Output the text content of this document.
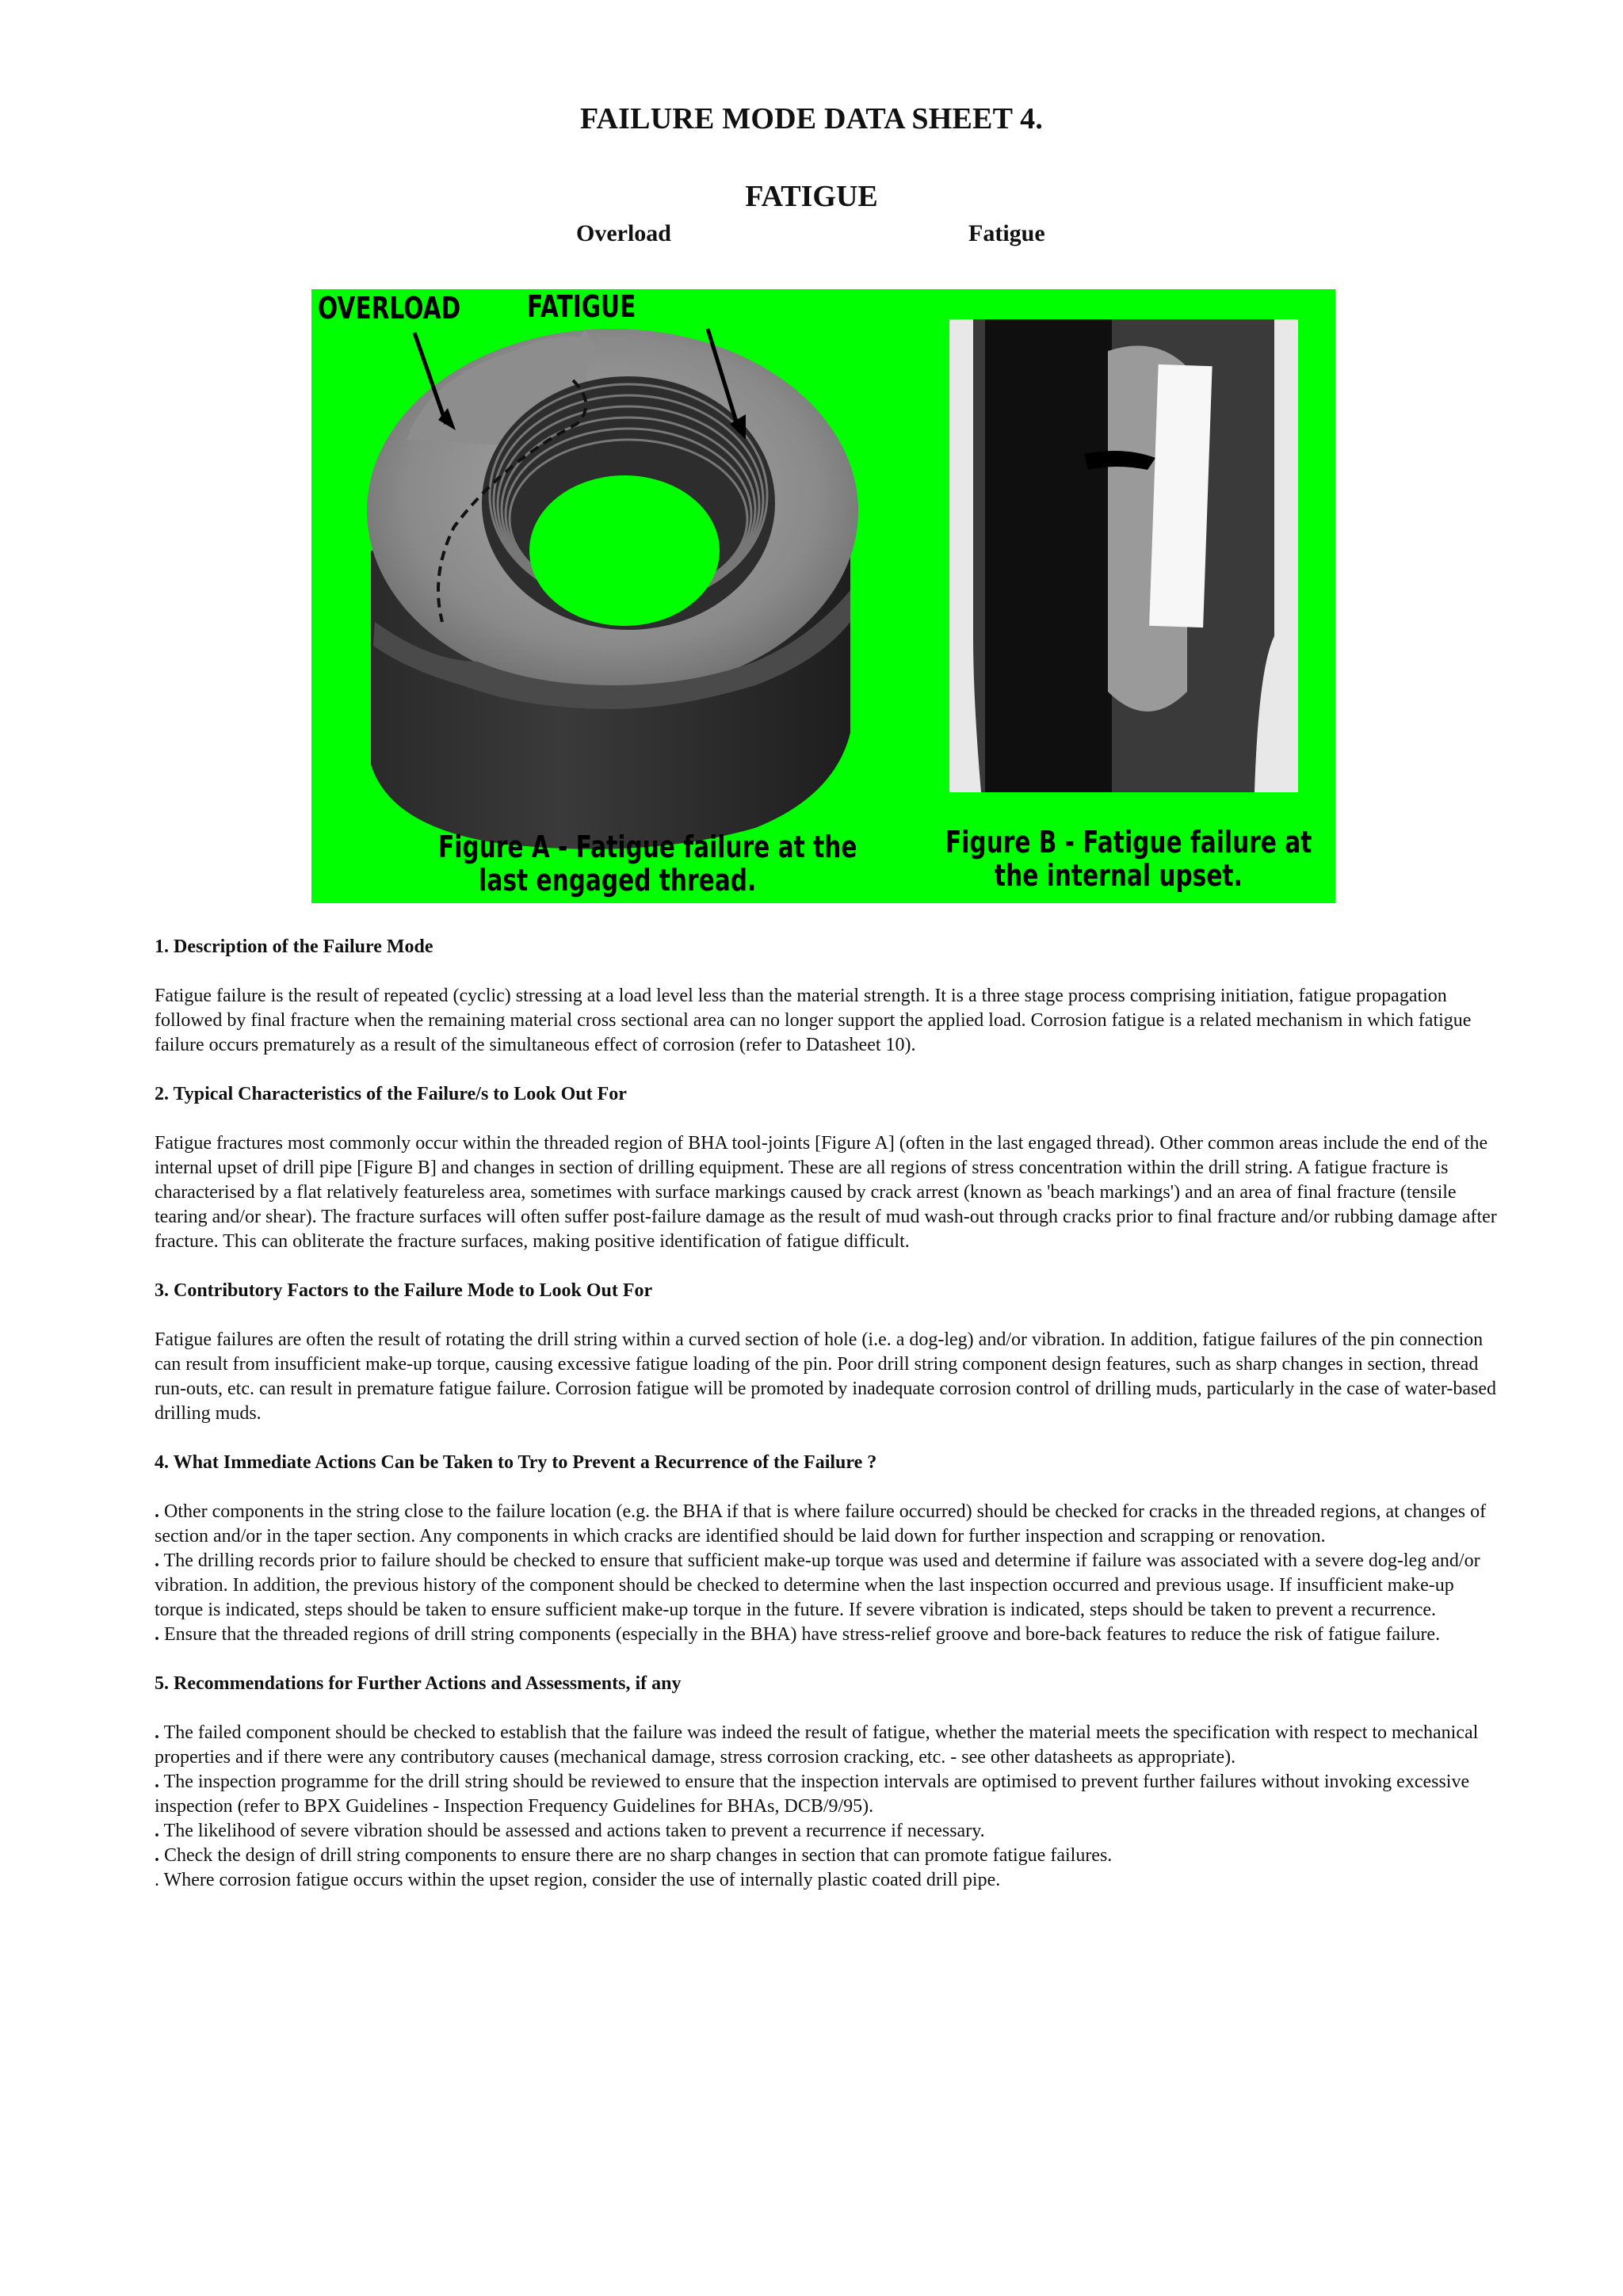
FAILURE MODE DATA SHEET 4.
FATIGUE
Overload	Fatigue
OVERLOAD FATIGUE
Figure A - Fatigue failure at the
last engaged thread.
Figure B - Fatigue failure at
the internal upset.
1. Description of the Failure Mode

Fatigue failure is the result of repeated (cyclic) stressing at a load level less than the material strength. It is a three stage process comprising initiation, fatigue propagation followed by final fracture when the remaining material cross sectional area can no longer support the applied load. Corrosion fatigue is a related mechanism in which fatigue failure occurs prematurely as a result of the simultaneous effect of corrosion (refer to Datasheet 10).

2. Typical Characteristics of the Failure/s to Look Out For

Fatigue fractures most commonly occur within the threaded region of BHA tool-joints [Figure A] (often in the last engaged thread). Other common areas include the end of the internal upset of drill pipe [Figure B] and changes in section of drilling equipment. These are all regions of stress concentration within the drill string. A fatigue fracture is characterised by a flat relatively featureless area, sometimes with surface markings caused by crack arrest (known as 'beach markings') and an area of final fracture (tensile tearing and/or shear). The fracture surfaces will often suffer post-failure damage as the result of mud wash-out through cracks prior to final fracture and/or rubbing damage after fracture. This can obliterate the fracture surfaces, making positive identification of fatigue difficult.

3. Contributory Factors to the Failure Mode to Look Out For

Fatigue failures are often the result of rotating the drill string within a curved section of hole (i.e. a dog-leg) and/or vibration. In addition, fatigue failures of the pin connection can result from insufficient make-up torque, causing excessive fatigue loading of the pin. Poor drill string component design features, such as sharp changes in section, thread run-outs, etc. can result in premature fatigue failure. Corrosion fatigue will be promoted by inadequate corrosion control of drilling muds, particularly in the case of water-based drilling muds.

4. What Immediate Actions Can be Taken to Try to Prevent a Recurrence of the Failure ?

. Other components in the string close to the failure location (e.g. the BHA if that is where failure occurred) should be checked for cracks in the threaded regions, at changes of section and/or in the taper section. Any components in which cracks are identified should be laid down for further inspection and scrapping or renovation.

. The drilling records prior to failure should be checked to ensure that sufficient make-up torque was used and determine if failure was associated with a severe dog-leg and/or vibration. In addition, the previous history of the component should be checked to determine when the last inspection occurred and previous usage. If insufficient make-up torque is indicated, steps should be taken to ensure sufficient make-up torque in the future. If severe vibration is indicated, steps should be taken to prevent a recurrence.

. Ensure that the threaded regions of drill string components (especially in the BHA) have stress-relief groove and bore-back features to reduce the risk of fatigue failure.

5. Recommendations for Further Actions and Assessments, if any

. The failed component should be checked to establish that the failure was indeed the result of fatigue, whether the material meets the specification with respect to mechanical properties and if there were any contributory causes (mechanical damage, stress corrosion cracking, etc. - see other datasheets as appropriate).

. The inspection programme for the drill string should be reviewed to ensure that the inspection intervals are optimised to prevent further failures without invoking excessive inspection (refer to BPX Guidelines - Inspection Frequency Guidelines for BHAs, DCB/9/95).

. The likelihood of severe vibration should be assessed and actions taken to prevent a recurrence if necessary.

. Check the design of drill string components to ensure there are no sharp changes in section that can promote fatigue failures.

. Where corrosion fatigue occurs within the upset region, consider the use of internally plastic coated drill pipe.
